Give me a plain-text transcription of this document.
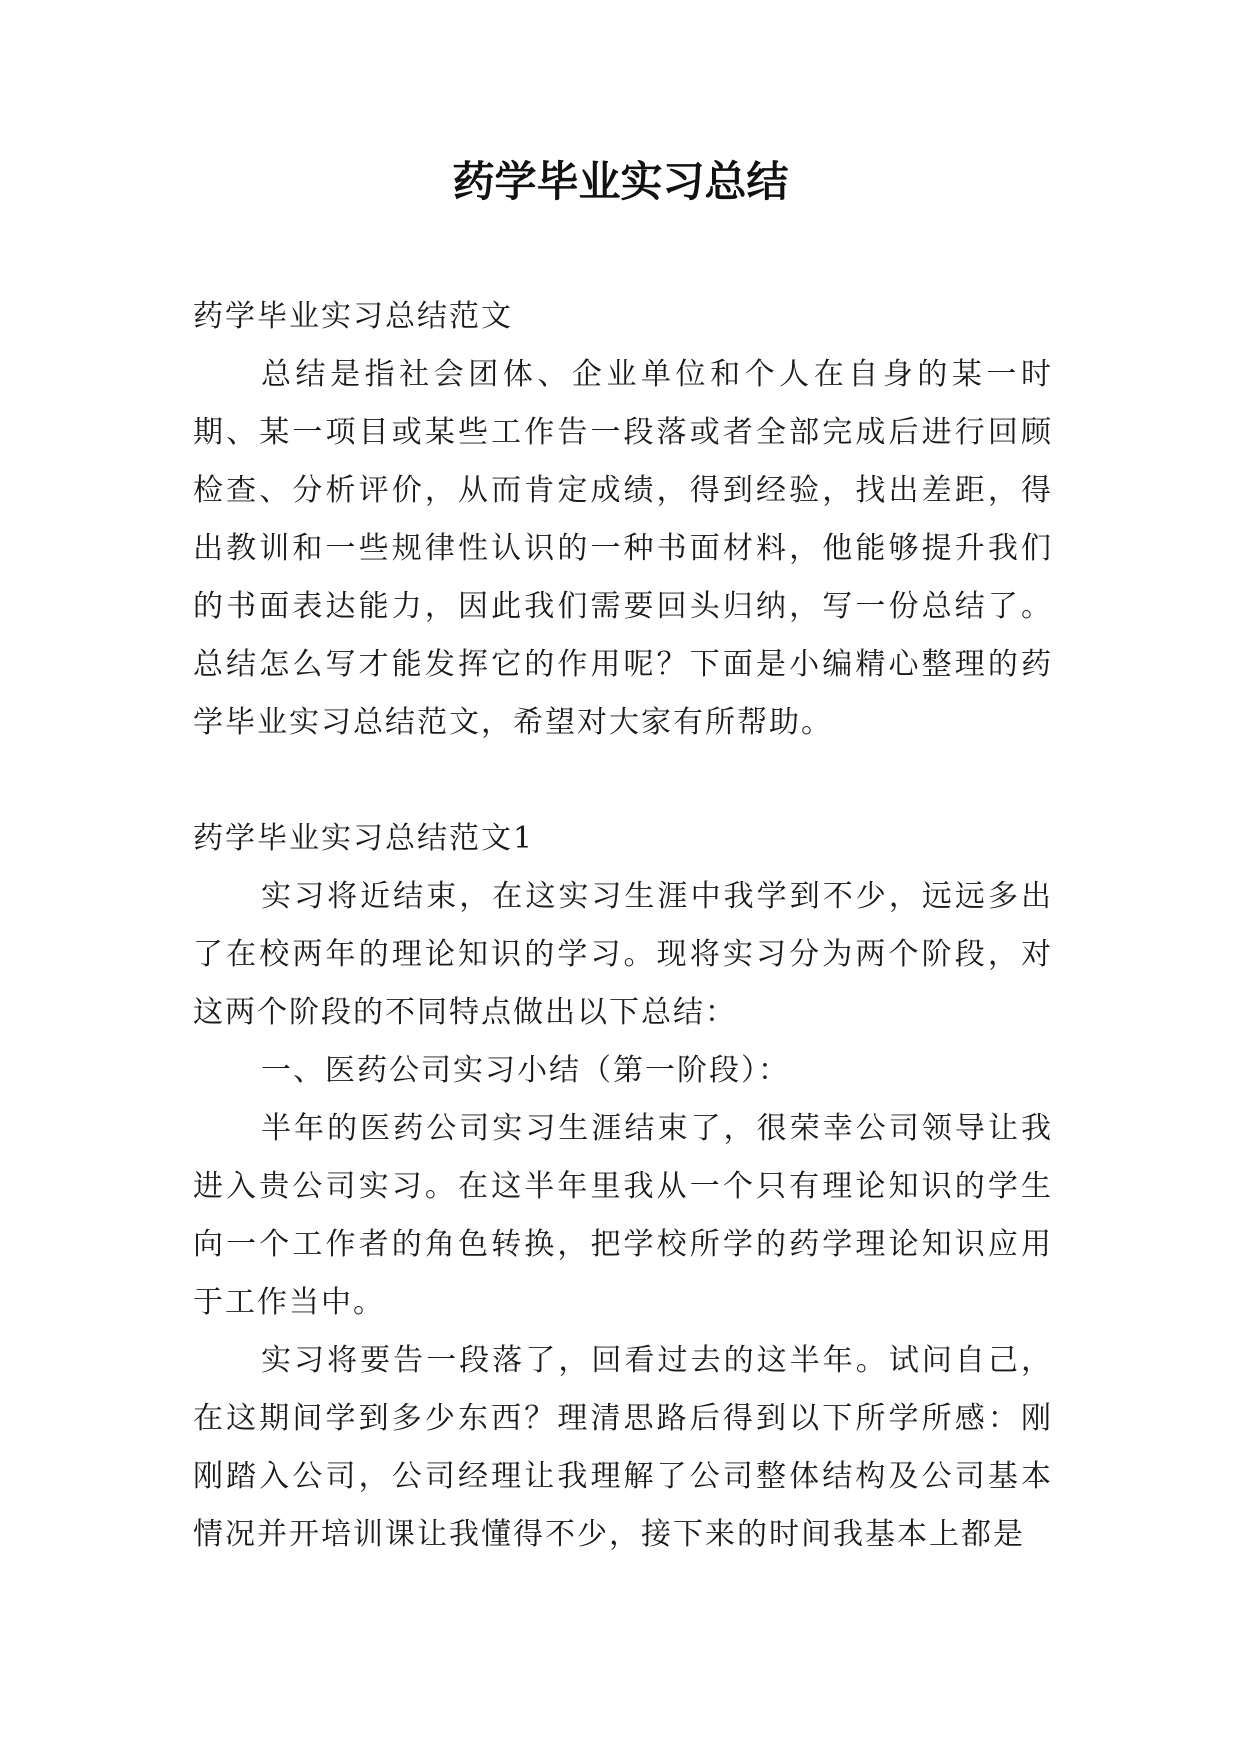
药学毕业实习总结

药学毕业实习总结范文

总结是指社会团体、企业单位和个人在自身的某一时期、某一项目或某些工作告一段落或者全部完成后进行回顾检查、分析评价，从而肯定成绩，得到经验，找出差距，得出教训和一些规律性认识的一种书面材料，他能够提升我们的书面表达能力，因此我们需要回头归纳，写一份总结了。总结怎么写才能发挥它的作用呢？下面是小编精心整理的药学毕业实习总结范文，希望对大家有所帮助。

药学毕业实习总结范文1

实习将近结束，在这实习生涯中我学到不少，远远多出了在校两年的理论知识的学习。现将实习分为两个阶段，对这两个阶段的不同特点做出以下总结：

一、医药公司实习小结（第一阶段）：

半年的医药公司实习生涯结束了，很荣幸公司领导让我进入贵公司实习。在这半年里我从一个只有理论知识的学生向一个工作者的角色转换，把学校所学的药学理论知识应用于工作当中。

实习将要告一段落了，回看过去的这半年。试问自己，在这期间学到多少东西？理清思路后得到以下所学所感：刚刚踏入公司，公司经理让我理解了公司整体结构及公司基本情况并开培训课让我懂得不少，接下来的时间我基本上都是
